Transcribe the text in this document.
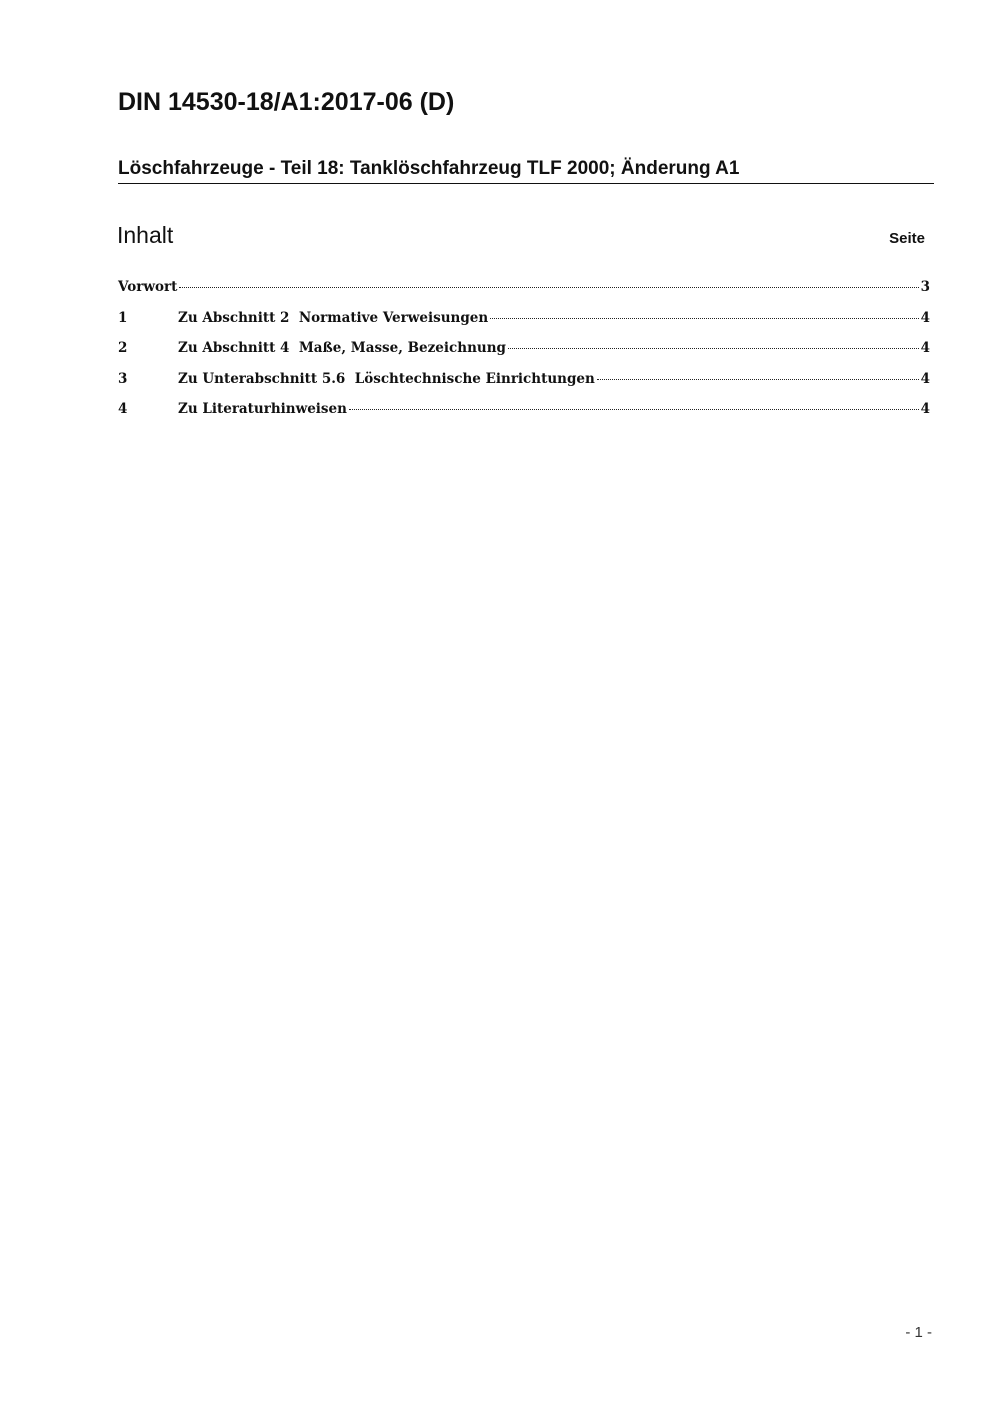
DIN 14530-18/A1:2017-06 (D)
Löschfahrzeuge - Teil 18: Tanklöschfahrzeug TLF 2000; Änderung A1
Inhalt	Seite
Vorwort	3
1	Zu Abschnitt 2  Normative Verweisungen	4
2	Zu Abschnitt 4  Maße, Masse, Bezeichnung	4
3	Zu Unterabschnitt 5.6  Löschtechnische Einrichtungen	4
4	Zu Literaturhinweisen	4
- 1 -
